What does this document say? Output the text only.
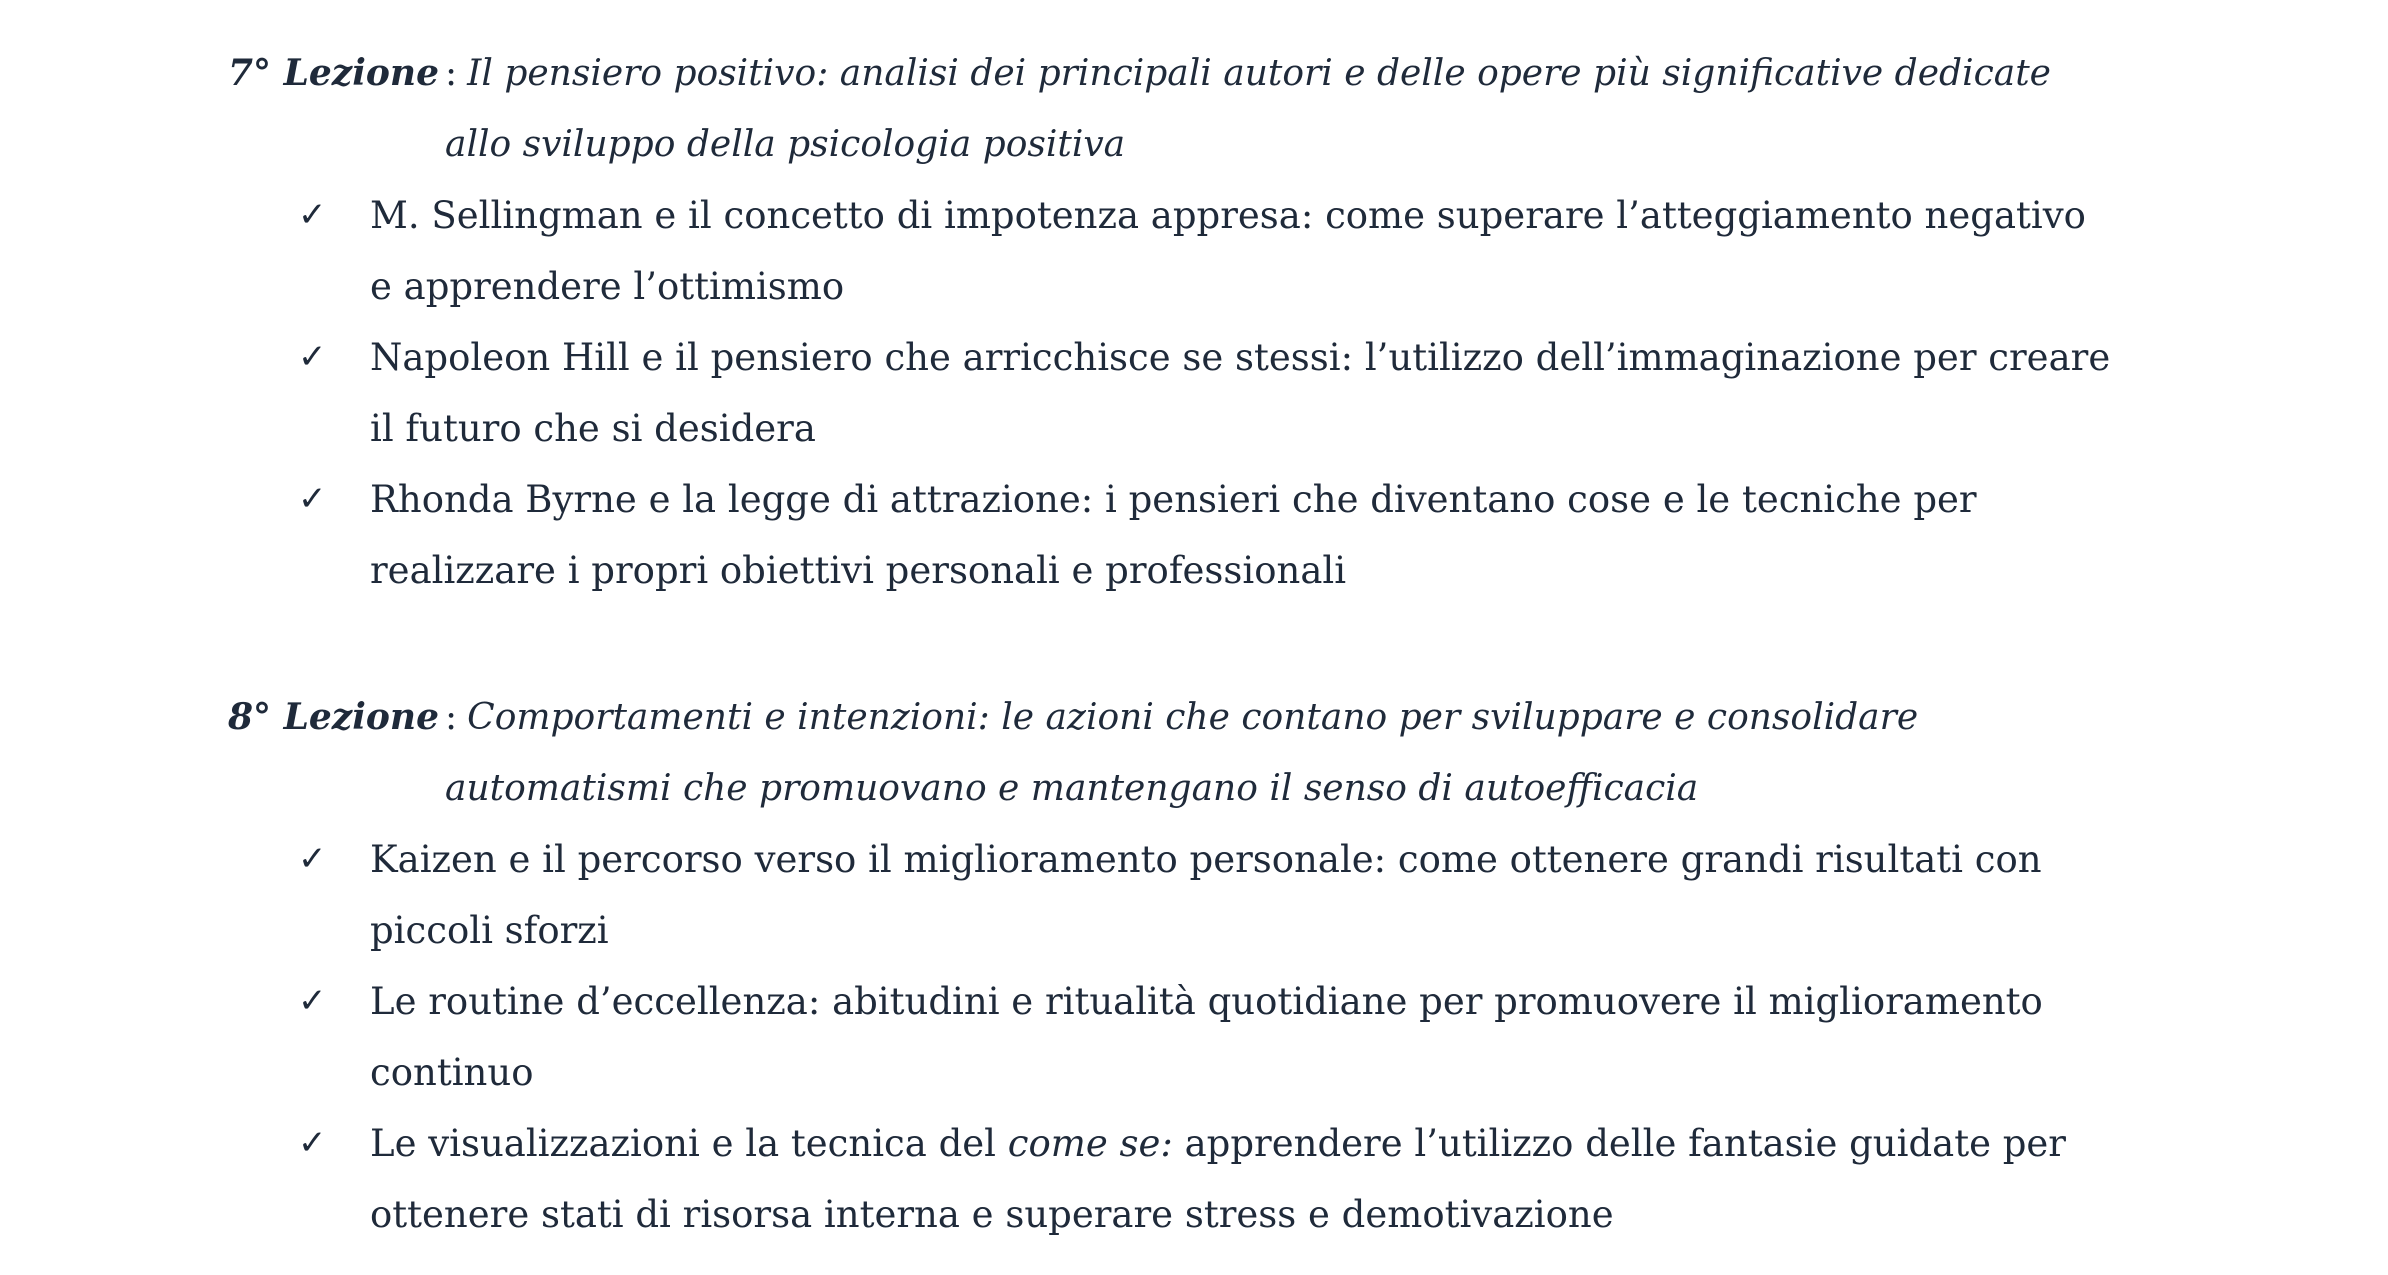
7° Lezione : Il pensiero positivo: analisi dei principali autori e delle opere più significative dedicate
allo sviluppo della psicologia positiva

✓ M. Sellingman e il concetto di impotenza appresa: come superare l’atteggiamento negativo
e apprendere l’ottimismo
✓ Napoleon Hill e il pensiero che arricchisce se stessi: l’utilizzo dell’immaginazione per creare
il futuro che si desidera
✓ Rhonda Byrne e la legge di attrazione: i pensieri che diventano cose e le tecniche per
realizzare i propri obiettivi personali e professionali

8° Lezione : Comportamenti e intenzioni: le azioni che contano per sviluppare e consolidare
automatismi che promuovano e mantengano il senso di autoefficacia

✓ Kaizen e il percorso verso il miglioramento personale: come ottenere grandi risultati con
piccoli sforzi
✓ Le routine d’eccellenza: abitudini e ritualità quotidiane per promuovere il miglioramento
continuo
✓ Le visualizzazioni e la tecnica del come se: apprendere l’utilizzo delle fantasie guidate per
ottenere stati di risorsa interna e superare stress e demotivazione
